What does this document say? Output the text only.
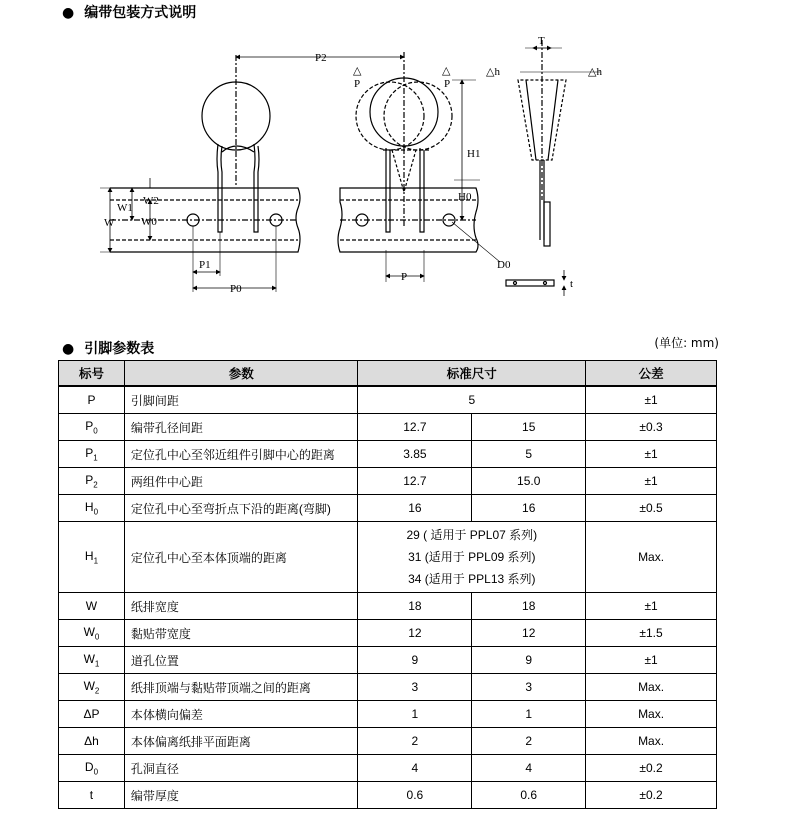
● 编带包装方式说明
P2
T
△h	△h
△
P
△
P
H1
H0
W2
W1
W W0
P1
P0
D0
P
t
● 引脚参数表	(单位: mm)
标号	参数	标准尺寸		公差
P	引脚间距	5		±1
$P_0$	编带孔径间距	12.7	15	±0.3
$P_1$	定位孔中心至邻近组件引脚中心的距离	3.85	5	±1
$P_2$	两组件中心距	12.7	15.0	±1
$H_0$	定位孔中心至弯折点下沿的距离(弯脚)	16	16	±0.5
$H_1$	定位孔中心至本体顶端的距离	29 ( 适用于 PPL07 系列)
31 (适用于 PPL09 系列)
34 (适用于 PPL13 系列)		Max.
W	纸排宽度	18	18	±1
$W_0$	黏贴带宽度	12	12	±1.5
$W_1$	道孔位置	9	9	±1
$W_2$	纸排顶端与黏贴带顶端之间的距离	3	3	Max.
ΔP	本体横向偏差	1	1	Max.
Δh	本体偏离纸排平面距离	2	2	Max.
$D_0$	孔洞直径	4	4	±0.2
t	编带厚度	0.6	0.6	±0.2
